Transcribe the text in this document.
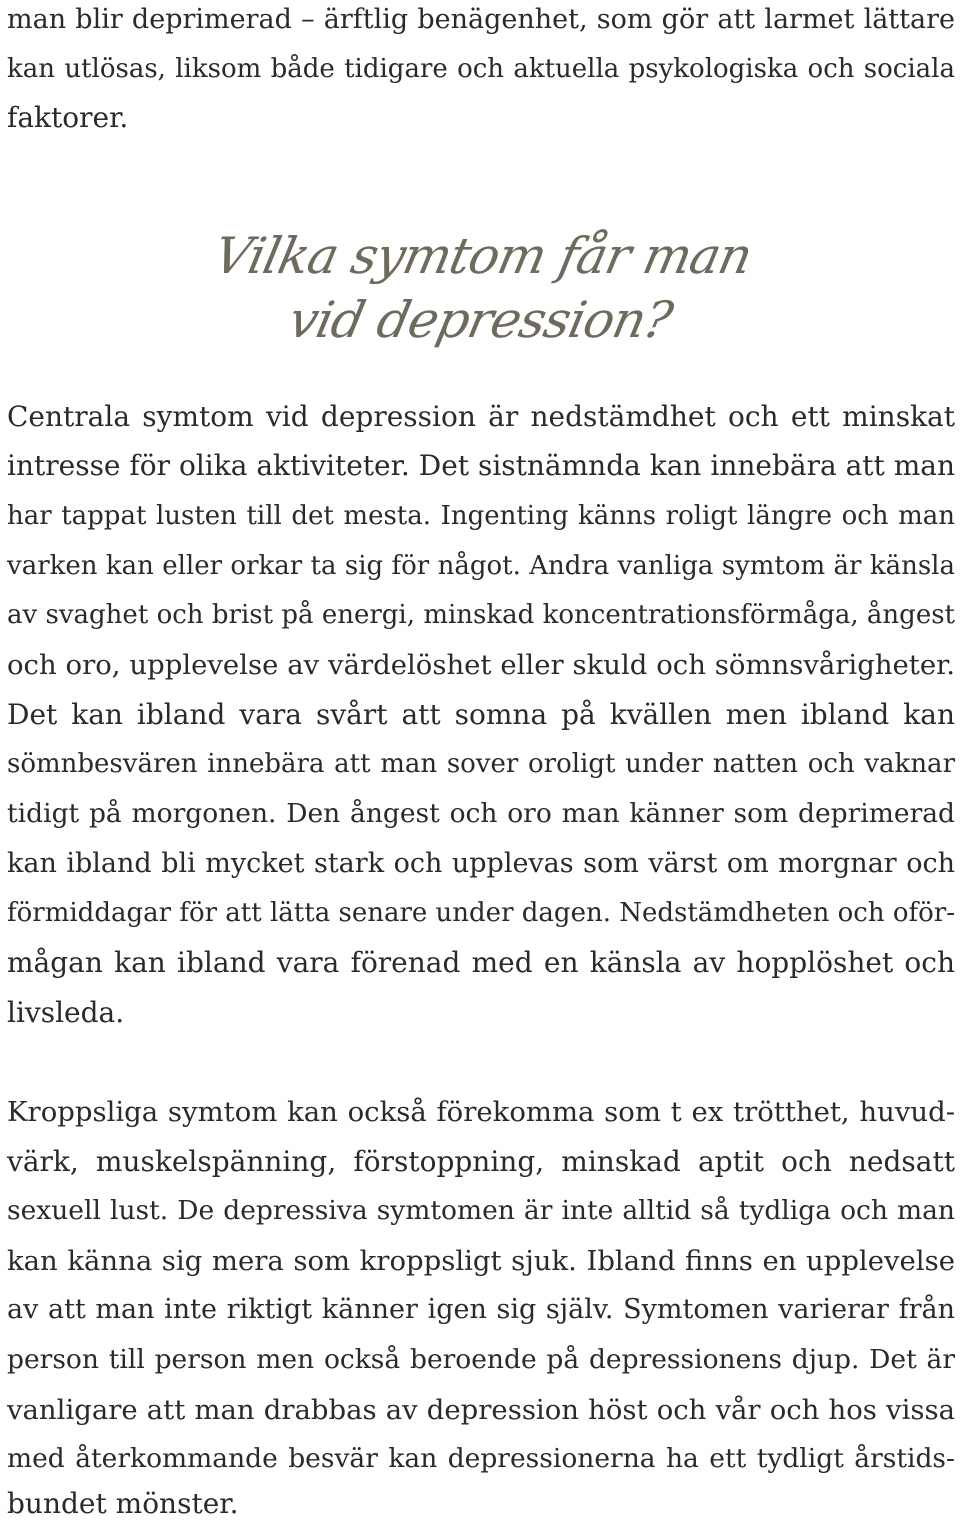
man blir deprimerad – ärftlig benägenhet, som gör att larmet lättare

kan utlösas, liksom både tidigare och aktuella psykologiska och sociala

faktorer.

Vilka symtom får man
vid depression?

Centrala symtom vid depression är nedstämdhet och ett minskat

intresse för olika aktiviteter. Det sistnämnda kan innebära att man

har tappat lusten till det mesta. Ingenting känns roligt längre och man

varken kan eller orkar ta sig för något. Andra vanliga symtom är känsla

av svaghet och brist på energi, minskad koncentrationsförmåga, ångest

och oro, upplevelse av värdelöshet eller skuld och sömnsvårigheter.

Det kan ibland vara svårt att somna på kvällen men ibland kan

sömnbesvären innebära att man sover oroligt under natten och vaknar

tidigt på morgonen. Den ångest och oro man känner som deprimerad

kan ibland bli mycket stark och upplevas som värst om morgnar och

förmiddagar för att lätta senare under dagen. Nedstämdheten och oför-

mågan kan ibland vara förenad med en känsla av hopplöshet och

livsleda.

Kroppsliga symtom kan också förekomma som t ex trötthet, huvud-

värk, muskelspänning, förstoppning, minskad aptit och nedsatt

sexuell lust. De depressiva symtomen är inte alltid så tydliga och man

kan känna sig mera som kroppsligt sjuk. Ibland finns en upplevelse

av att man inte riktigt känner igen sig själv. Symtomen varierar från

person till person men också beroende på depressionens djup. Det är

vanligare att man drabbas av depression höst och vår och hos vissa

med återkommande besvär kan depressionerna ha ett tydligt årstids-

bundet mönster.
